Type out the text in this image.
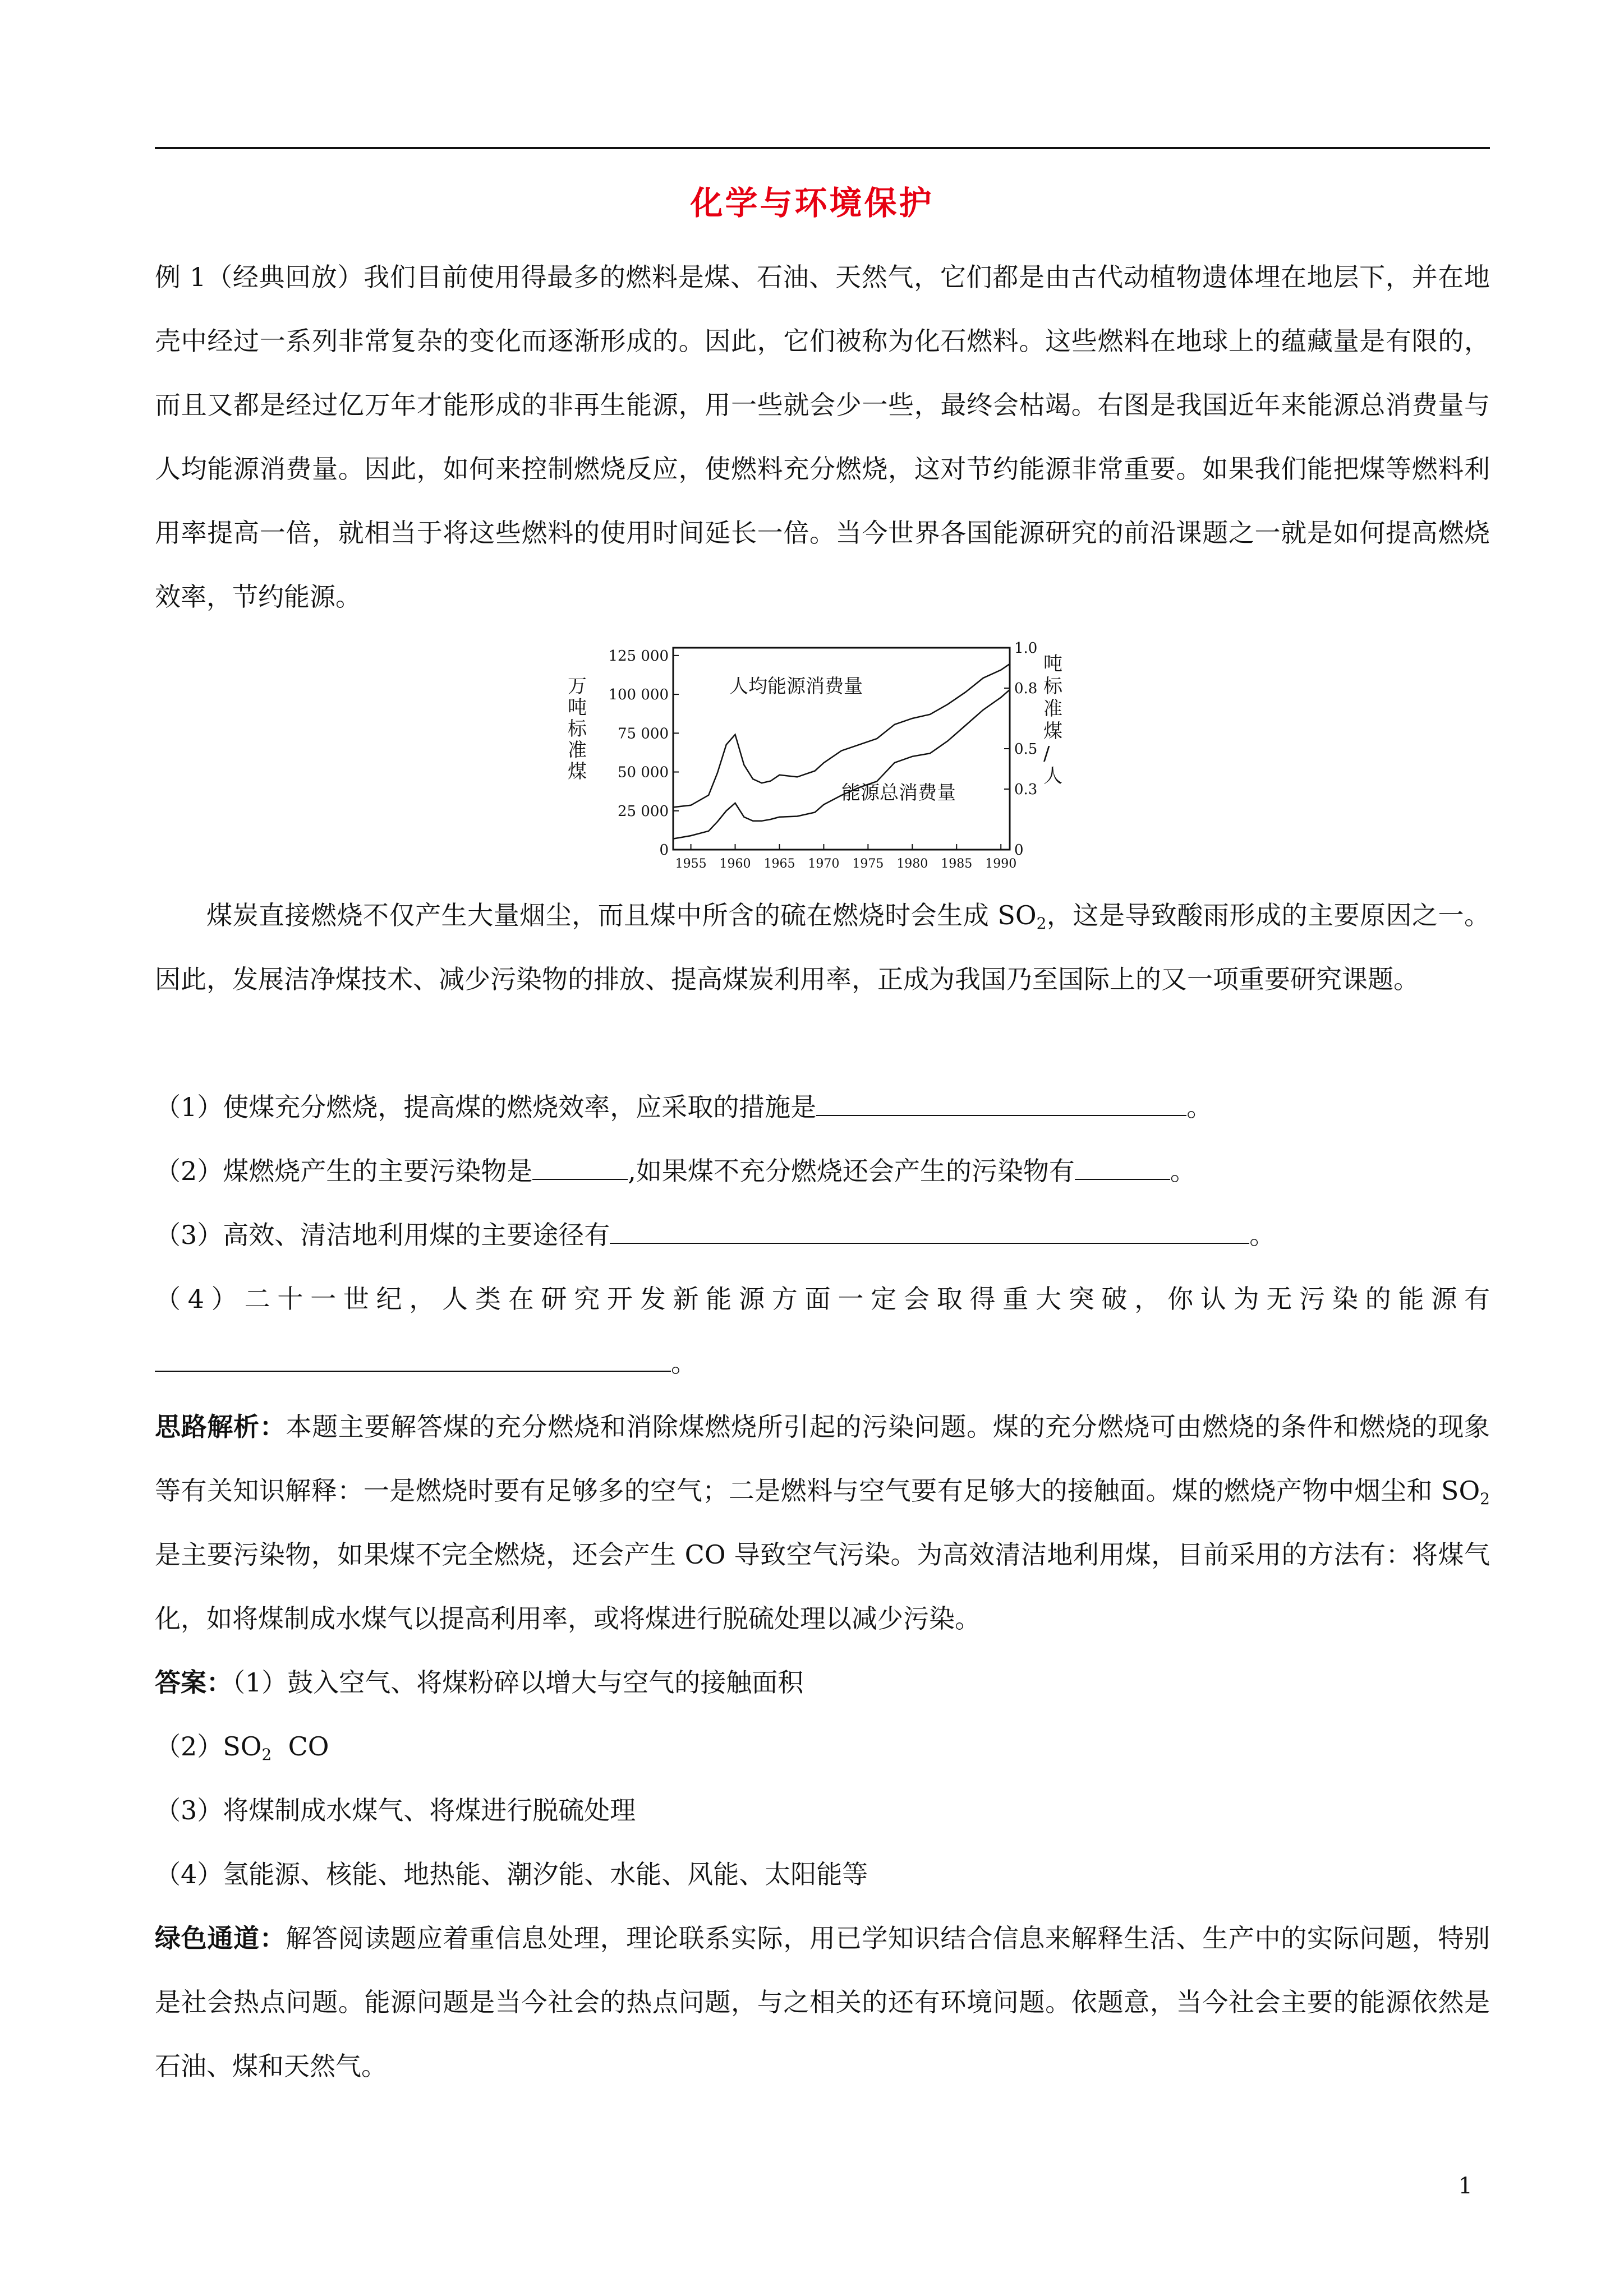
化学与环境保护

例 1（经典回放）我们目前使用得最多的燃料是煤、石油、天然气，它们都是由古代动植物遗体埋在地层下，并在地壳中经过一系列非常复杂的变化而逐渐形成的。因此，它们被称为化石燃料。这些燃料在地球上的蕴藏量是有限的，而且又都是经过亿万年才能形成的非再生能源，用一些就会少一些，最终会枯竭。右图是我国近年来能源总消费量与人均能源消费量。因此，如何来控制燃烧反应，使燃料充分燃烧，这对节约能源非常重要。如果我们能把煤等燃料利用率提高一倍，就相当于将这些燃料的使用时间延长一倍。当今世界各国能源研究的前沿课题之一就是如何提高燃烧效率，节约能源。

0
25 000
50 000
75 000
100 000
125 000
0
0.3
0.5
0.8
1.0
1955 1960 1965 1970 1975 1980 1985 1990
人均能源消费量
能源总消费量
万
吨
标
准
煤
吨
标
准
煤
/
人

煤炭直接燃烧不仅产生大量烟尘，而且煤中所含的硫在燃烧时会生成 $SO_2$，这是导致酸雨形成的主要原因之一。因此，发展洁净煤技术、减少污染物的排放、提高煤炭利用率，正成为我国乃至国际上的又一项重要研究课题。

（1）使煤充分燃烧，提高煤的燃烧效率，应采取的措施是	。

（2）煤燃烧产生的主要污染物是	,如果煤不充分燃烧还会产生的污染物有	。

（3）高效、清洁地利用煤的主要途径有	。

（4）二十一世纪，人类在研究开发新能源方面一定会取得重大突破，你认为无污染的能源有

。

思路解析：本题主要解答煤的充分燃烧和消除煤燃烧所引起的污染问题。煤的充分燃烧可由燃烧的条件和燃烧的现象等有关知识解释：一是燃烧时要有足够多的空气；二是燃料与空气要有足够大的接触面。煤的燃烧产物中烟尘和 $SO_2$ 是主要污染物，如果煤不完全燃烧，还会产生 CO 导致空气污染。为高效清洁地利用煤，目前采用的方法有：将煤气化，如将煤制成水煤气以提高利用率，或将煤进行脱硫处理以减少污染。

答案：（1）鼓入空气、将煤粉碎以增大与空气的接触面积

$(2)SO_2$  CO

（3）将煤制成水煤气、将煤进行脱硫处理

（4）氢能源、核能、地热能、潮汐能、水能、风能、太阳能等

绿色通道：解答阅读题应着重信息处理，理论联系实际，用已学知识结合信息来解释生活、生产中的实际问题，特别是社会热点问题。能源问题是当今社会的热点问题，与之相关的还有环境问题。依题意，当今社会主要的能源依然是石油、煤和天然气。

1
